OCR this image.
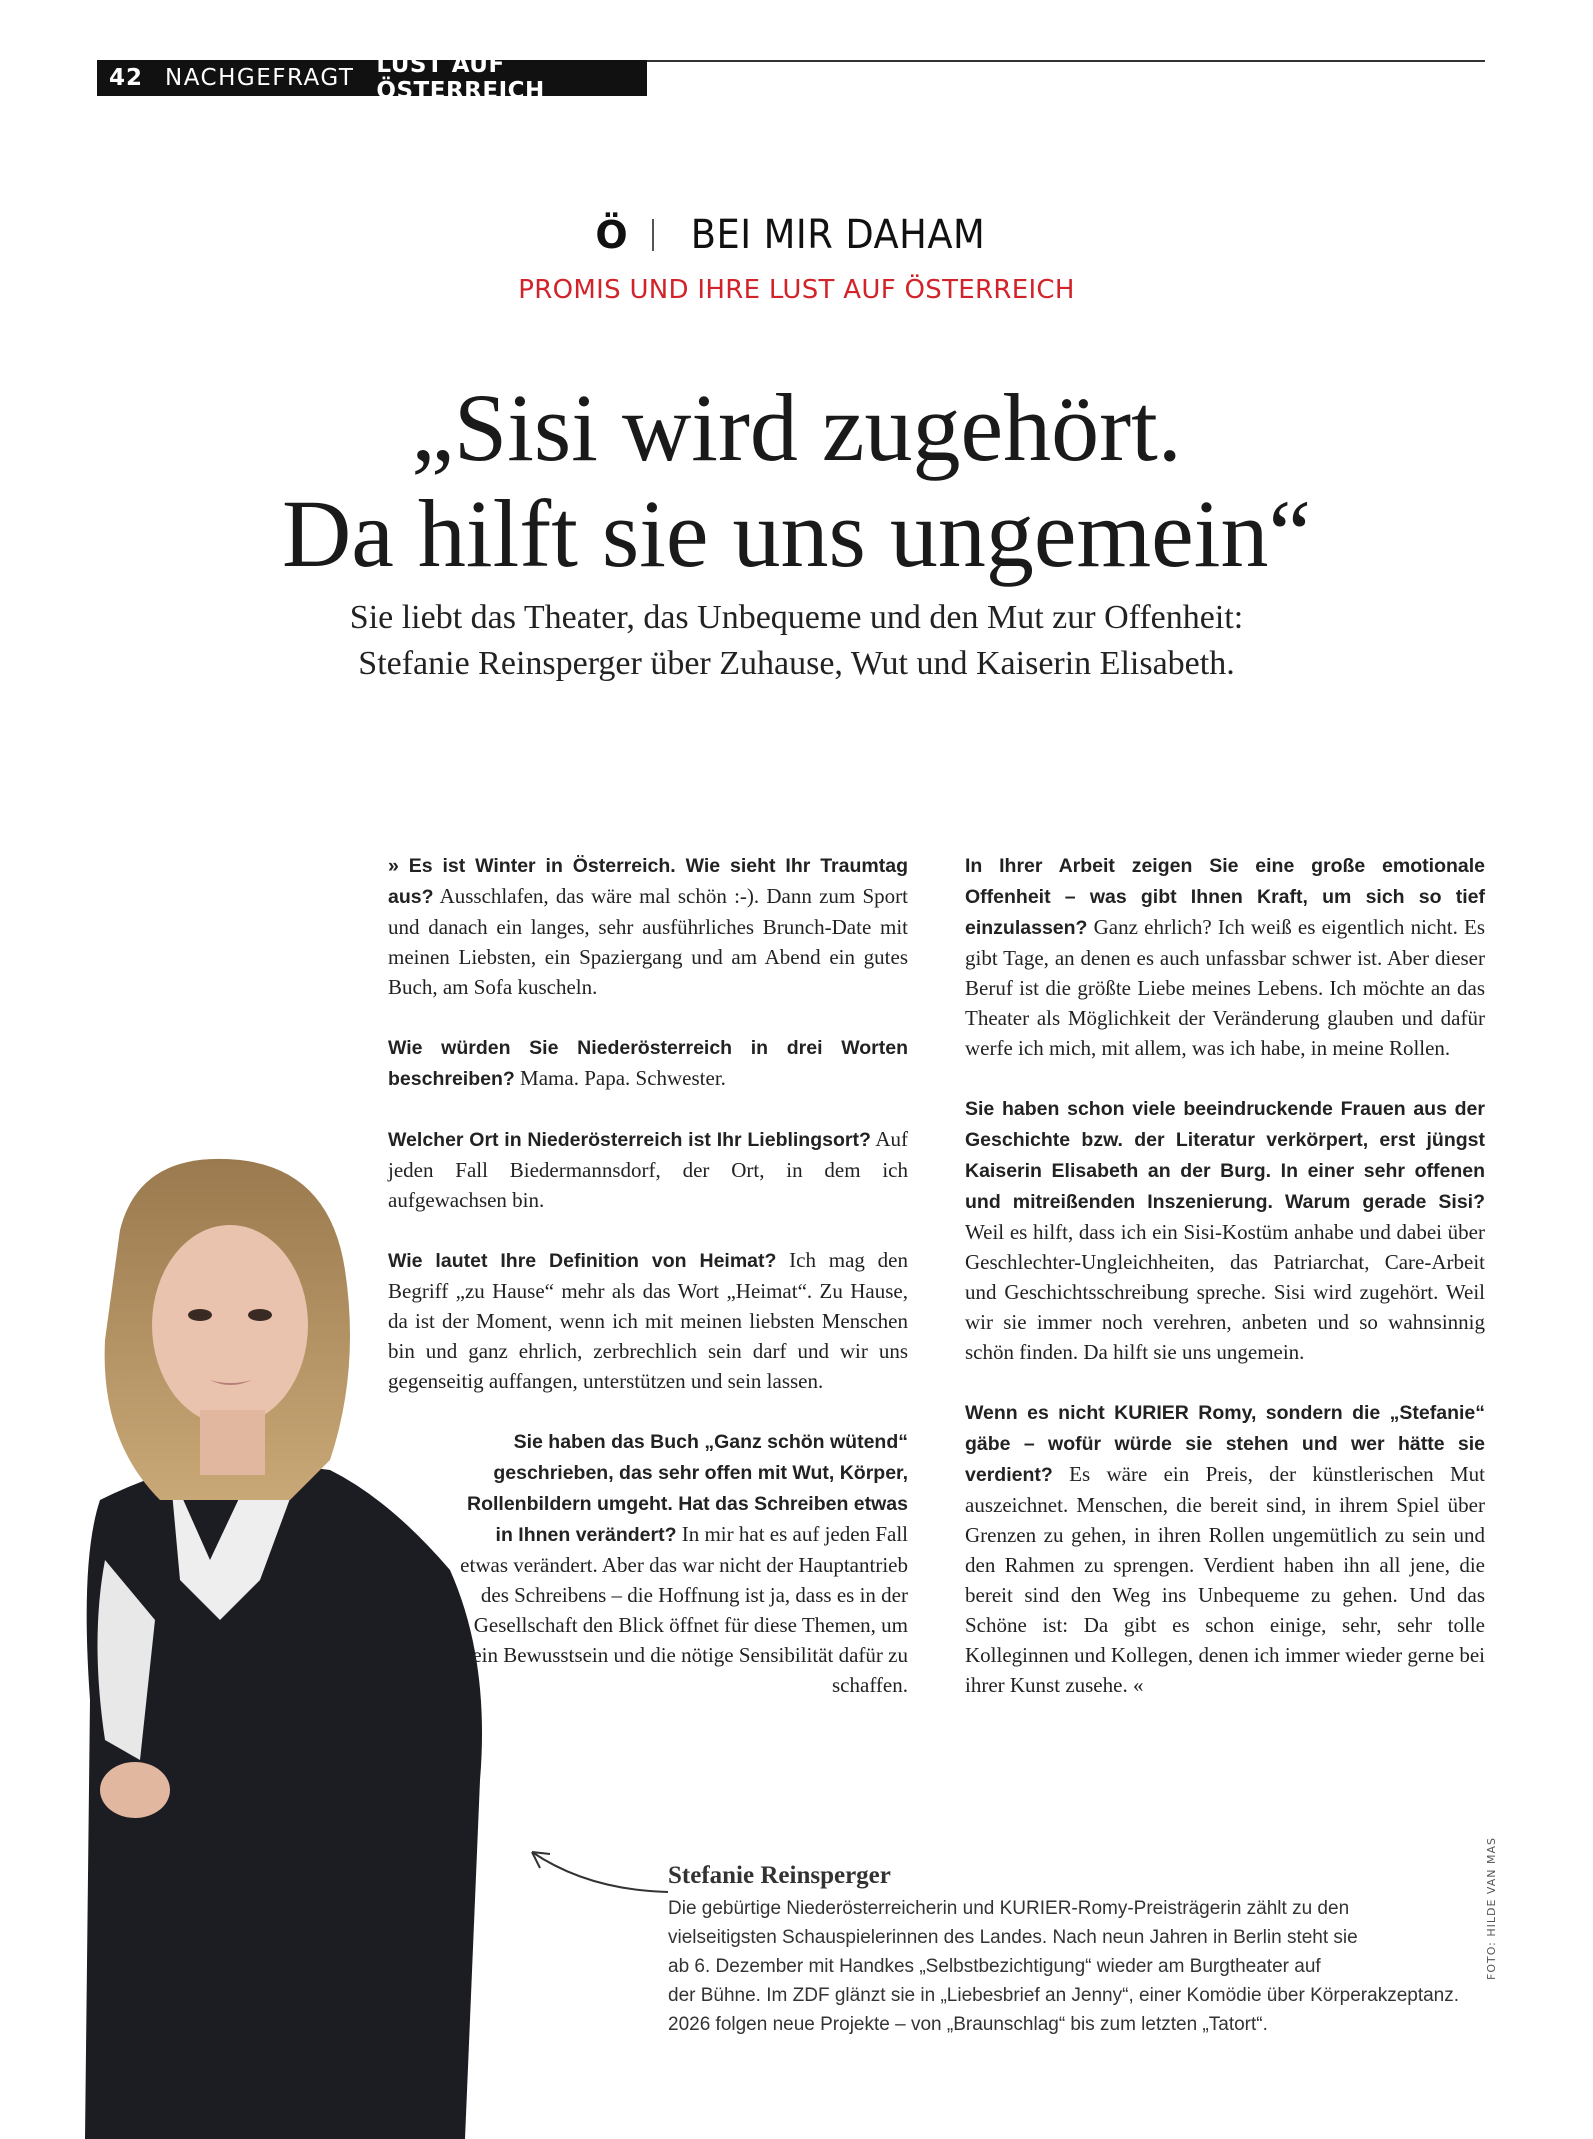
42 NACHGEFRAGT LUST AUF ÖSTERREICH
Ö BEI MIR DAHAM
PROMIS UND IHRE LUST AUF ÖSTERREICH
„Sisi wird zugehört.
Da hilft sie uns ungemein“
Sie liebt das Theater, das Unbequeme und den Mut zur Offenheit:
Stefanie Reinsperger über Zuhause, Wut und Kaiserin Elisabeth.

» Es ist Winter in Österreich. Wie sieht Ihr Traumtag aus? Ausschlafen, das wäre mal schön :-). Dann zum Sport und danach ein langes, sehr ausführliches Brunch-Date mit meinen Liebsten, ein Spaziergang und am Abend ein gutes Buch, am Sofa kuscheln.

Wie würden Sie Niederösterreich in drei Worten beschreiben? Mama. Papa. Schwester.

Welcher Ort in Niederösterreich ist Ihr Lieblingsort? Auf jeden Fall Biedermannsdorf, der Ort, in dem ich aufgewachsen bin.

Wie lautet Ihre Definition von Heimat? Ich mag den Begriff „zu Hause“ mehr als das Wort „Heimat“. Zu Hause, da ist der Moment, wenn ich mit meinen liebsten Menschen bin und ganz ehrlich, zerbrechlich sein darf und wir uns gegenseitig auffangen, unterstützen und sein lassen.

Sie haben das Buch „Ganz schön wütend“ geschrieben, das sehr offen mit Wut, Körper, Rollenbildern umgeht. Hat das Schreiben etwas in Ihnen verändert? In mir hat es auf jeden Fall etwas verändert. Aber das war nicht der Hauptantrieb des Schreibens – die Hoffnung ist ja, dass es in der Gesellschaft den Blick öffnet für diese Themen, um ein Bewusstsein und die nötige Sensibilität dafür zu schaffen.

In Ihrer Arbeit zeigen Sie eine große emotionale Offenheit – was gibt Ihnen Kraft, um sich so tief einzulassen? Ganz ehrlich? Ich weiß es eigentlich nicht. Es gibt Tage, an denen es auch unfassbar schwer ist. Aber dieser Beruf ist die größte Liebe meines Lebens. Ich möchte an das Theater als Möglichkeit der Veränderung glauben und dafür werfe ich mich, mit allem, was ich habe, in meine Rollen.

Sie haben schon viele beeindruckende Frauen aus der Geschichte bzw. der Literatur verkörpert, erst jüngst Kaiserin Elisabeth an der Burg. In einer sehr offenen und mitreißenden Inszenierung. Warum gerade Sisi? Weil es hilft, dass ich ein Sisi-Kostüm anhabe und dabei über Geschlechter-Ungleichheiten, das Patriarchat, Care-Arbeit und Geschichtsschreibung spreche. Sisi wird zugehört. Weil wir sie immer noch verehren, anbeten und so wahnsinnig schön finden. Da hilft sie uns ungemein.

Wenn es nicht KURIER Romy, sondern die „Stefanie“ gäbe – wofür würde sie stehen und wer hätte sie verdient? Es wäre ein Preis, der künstlerischen Mut auszeichnet. Menschen, die bereit sind, in ihrem Spiel über Grenzen zu gehen, in ihren Rollen ungemütlich zu sein und den Rahmen zu sprengen. Verdient haben ihn all jene, die bereit sind den Weg ins Unbequeme zu gehen. Und das Schöne ist: Da gibt es schon einige, sehr, sehr tolle Kolleginnen und Kollegen, denen ich immer wieder gerne bei ihrer Kunst zusehe. «

Stefanie Reinsperger
Die gebürtige Niederösterreicherin und KURIER-Romy-Preisträgerin zählt zu den
vielseitigsten Schauspielerinnen des Landes. Nach neun Jahren in Berlin steht sie
ab 6. Dezember mit Handkes „Selbstbezichtigung“ wieder am Burgtheater auf
der Bühne. Im ZDF glänzt sie in „Liebesbrief an Jenny“, einer Komödie über Körperakzeptanz.
2026 folgen neue Projekte – von „Braunschlag“ bis zum letzten „Tatort“.
FOTO: HILDE VAN MAS
